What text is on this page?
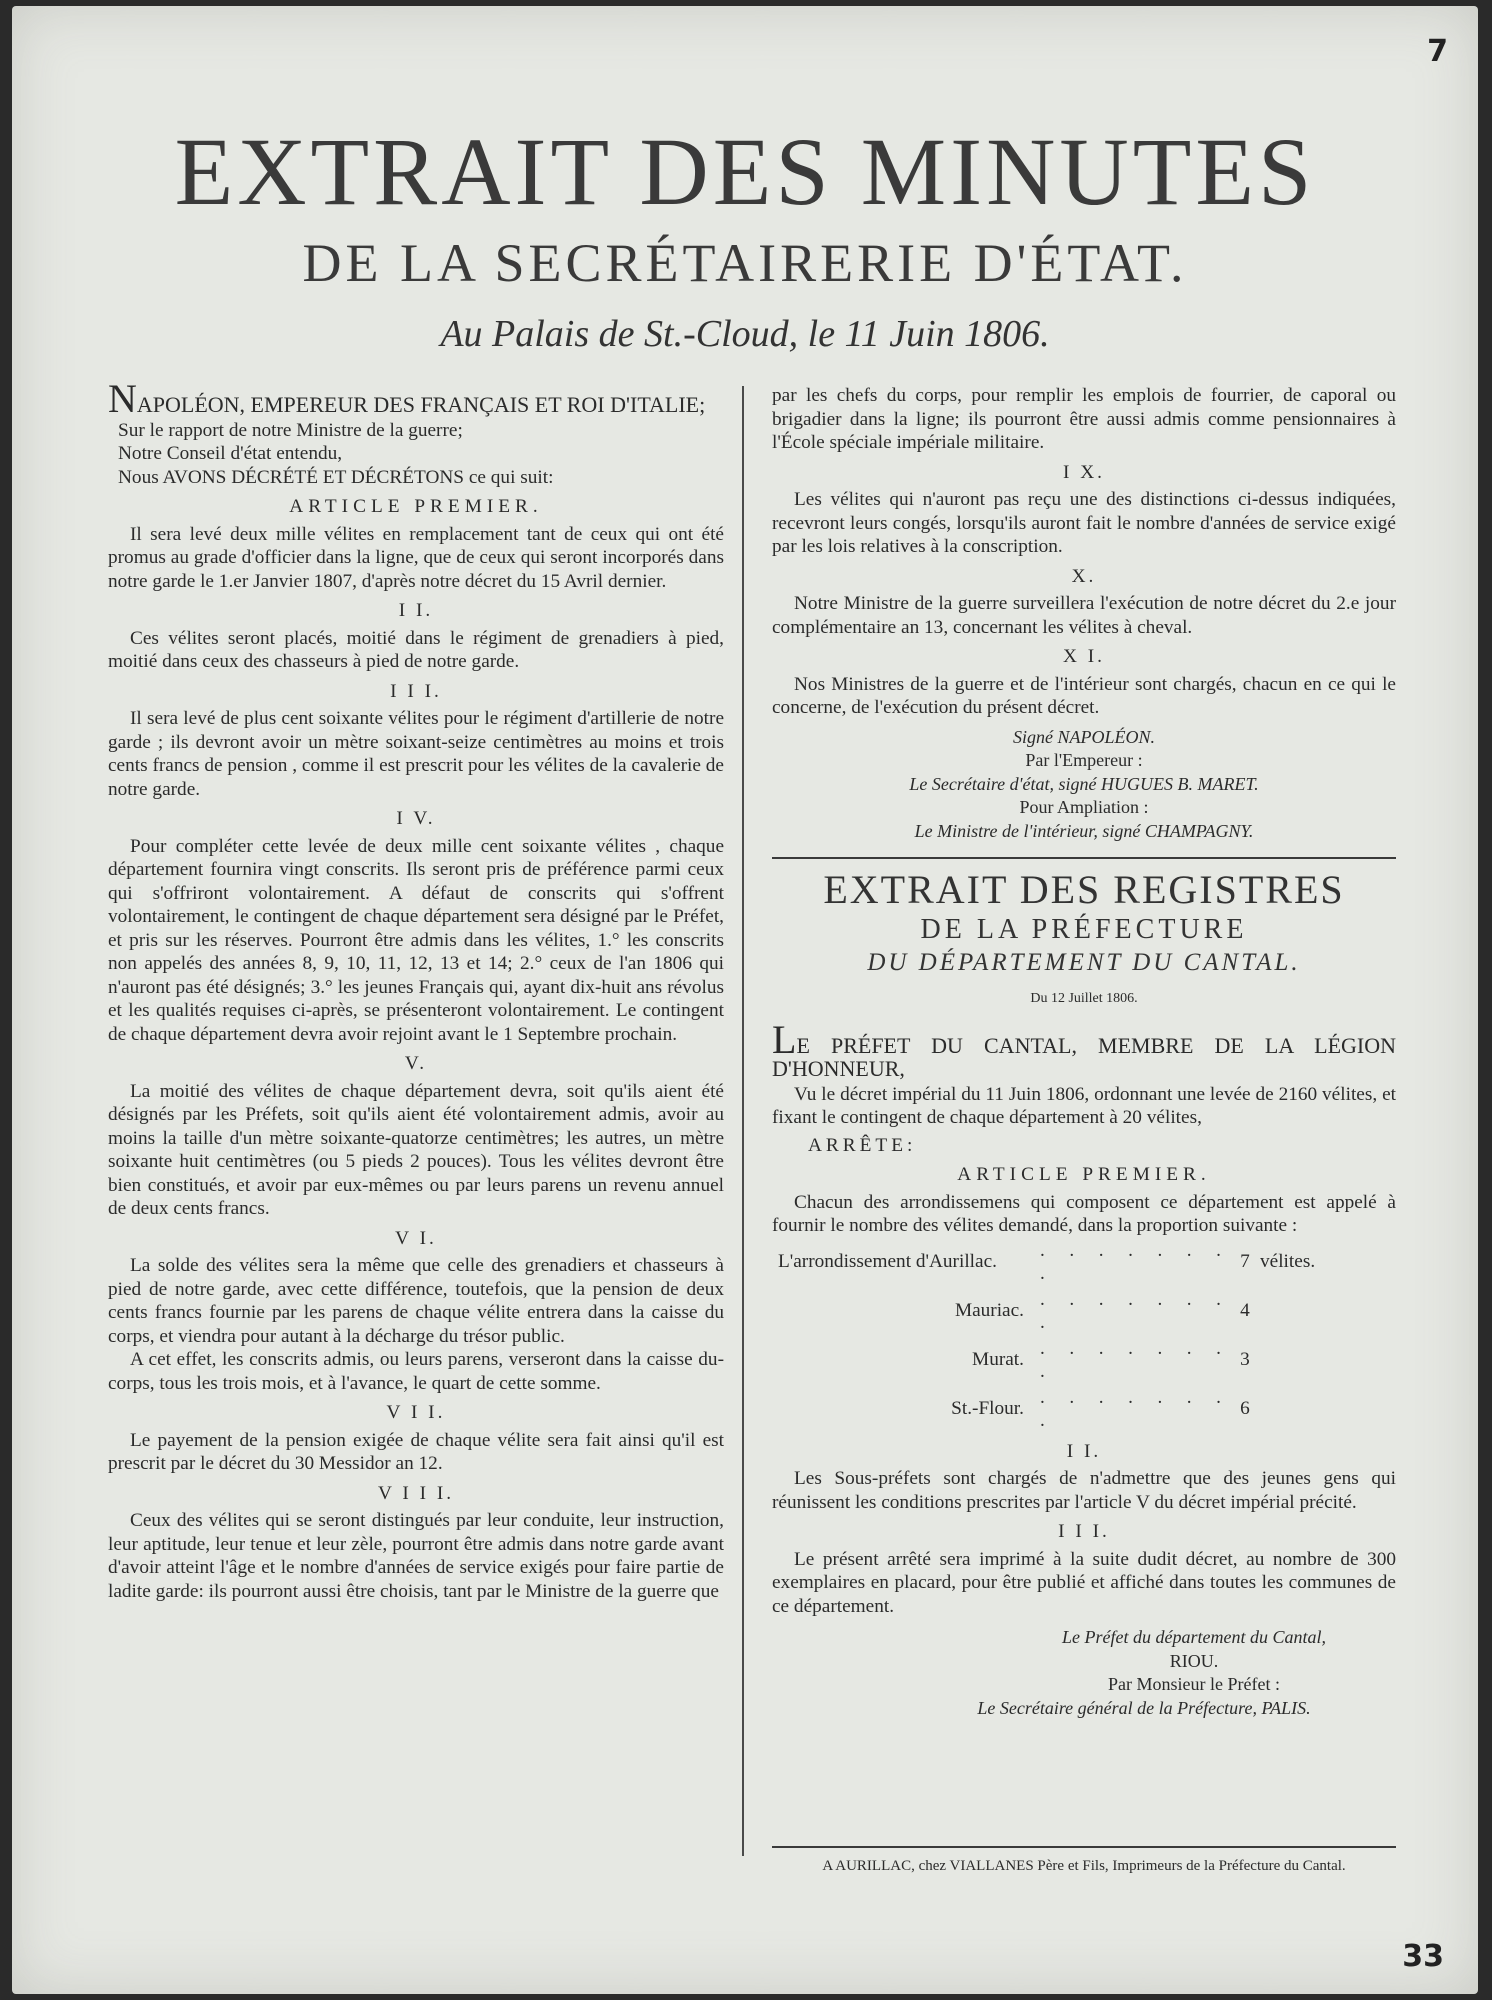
7
33
EXTRAIT DES MINUTES
DE LA SECRÉTAIRERIE D'ÉTAT.
Au Palais de St.-Cloud, le 11 Juin 1806.

NAPOLÉON, EMPEREUR DES FRANÇAIS ET ROI D'ITALIE;

Sur le rapport de notre Ministre de la guerre;

Notre Conseil d'état entendu,

Nous AVONS DÉCRÉTÉ ET DÉCRÉTONS ce qui suit:

ARTICLE PREMIER.

Il sera levé deux mille vélites en remplacement tant de ceux qui ont été promus au grade d'officier dans la ligne, que de ceux qui seront incorporés dans notre garde le 1.er Janvier 1807, d'après notre décret du 15 Avril dernier.

I I.

Ces vélites seront placés, moitié dans le régiment de grenadiers à pied, moitié dans ceux des chasseurs à pied de notre garde.

I I I.

Il sera levé de plus cent soixante vélites pour le régiment d'artillerie de notre garde ; ils devront avoir un mètre soixant-seize centimètres au moins et trois cents francs de pension , comme il est prescrit pour les vélites de la cavalerie de notre garde.

I V.

Pour compléter cette levée de deux mille cent soixante vélites , chaque département fournira vingt conscrits. Ils seront pris de préférence parmi ceux qui s'offriront volontairement. A défaut de conscrits qui s'offrent volontairement, le contingent de chaque département sera désigné par le Préfet, et pris sur les réserves. Pourront être admis dans les vélites, 1.° les conscrits non appelés des années 8, 9, 10, 11, 12, 13 et 14; 2.° ceux de l'an 1806 qui n'auront pas été désignés; 3.° les jeunes Français qui, ayant dix-huit ans révolus et les qualités requises ci-après, se présenteront volontairement. Le contingent de chaque département devra avoir rejoint avant le 1 Septembre prochain.

V.

La moitié des vélites de chaque département devra, soit qu'ils aient été désignés par les Préfets, soit qu'ils aient été volontairement admis, avoir au moins la taille d'un mètre soixante-quatorze centimètres; les autres, un mètre soixante huit centimètres (ou 5 pieds 2 pouces). Tous les vélites devront être bien constitués, et avoir par eux-mêmes ou par leurs parens un revenu annuel de deux cents francs.

V I.

La solde des vélites sera la même que celle des grenadiers et chasseurs à pied de notre garde, avec cette différence, toutefois, que la pension de deux cents francs fournie par les parens de chaque vélite entrera dans la caisse du corps, et viendra pour autant à la décharge du trésor public.

A cet effet, les conscrits admis, ou leurs parens, verseront dans la caisse du-corps, tous les trois mois, et à l'avance, le quart de cette somme.

V I I.

Le payement de la pension exigée de chaque vélite sera fait ainsi qu'il est prescrit par le décret du 30 Messidor an 12.

V I I I.

Ceux des vélites qui se seront distingués par leur conduite, leur instruction, leur aptitude, leur tenue et leur zèle, pourront être admis dans notre garde avant d'avoir atteint l'âge et le nombre d'années de service exigés pour faire partie de ladite garde: ils pourront aussi être choisis, tant par le Ministre de la guerre que

par les chefs du corps, pour remplir les emplois de fourrier, de caporal ou brigadier dans la ligne; ils pourront être aussi admis comme pensionnaires à l'École spéciale impériale militaire.

I X.

Les vélites qui n'auront pas reçu une des distinctions ci-dessus indiquées, recevront leurs congés, lorsqu'ils auront fait le nombre d'années de service exigé par les lois relatives à la conscription.

X.

Notre Ministre de la guerre surveillera l'exécution de notre décret du 2.e jour complémentaire an 13, concernant les vélites à cheval.

X I.

Nos Ministres de la guerre et de l'intérieur sont chargés, chacun en ce qui le concerne, de l'exécution du présent décret.

Signé NAPOLÉON.

Par l'Empereur :

Le Secrétaire d'état, signé HUGUES B. MARET.

Pour Ampliation :

Le Ministre de l'intérieur, signé CHAMPAGNY.

EXTRAIT DES REGISTRES

DE LA PRÉFECTURE

DU DÉPARTEMENT DU CANTAL.

Du 12 Juillet 1806.

LE PRÉFET DU CANTAL, MEMBRE DE LA LÉGION D'HONNEUR,

Vu le décret impérial du 11 Juin 1806, ordonnant une levée de 2160 vélites, et fixant le contingent de chaque département à 20 vélites,

ARRÊTE:

ARTICLE PREMIER.

Chacun des arrondissemens qui composent ce département est appelé à fournir le nombre des vélites demandé, dans la proportion suivante :

L'arrondissement d'Aurillac.	. . . . . . . .	7	vélites.
Mauriac.	. . . . . . . .	4	
Murat.	. . . . . . . .	3	
St.-Flour.	. . . . . . . .	6	

I I.

Les Sous-préfets sont chargés de n'admettre que des jeunes gens qui réunissent les conditions prescrites par l'article V du décret impérial précité.

I I I.

Le présent arrêté sera imprimé à la suite dudit décret, au nombre de 300 exemplaires en placard, pour être publié et affiché dans toutes les communes de ce département.

Le Préfet du département du Cantal,

RIOU.

Par Monsieur le Préfet :

Le Secrétaire général de la Préfecture, PALIS.

A AURILLAC, chez VIALLANES Père et Fils, Imprimeurs de la Préfecture du Cantal.
